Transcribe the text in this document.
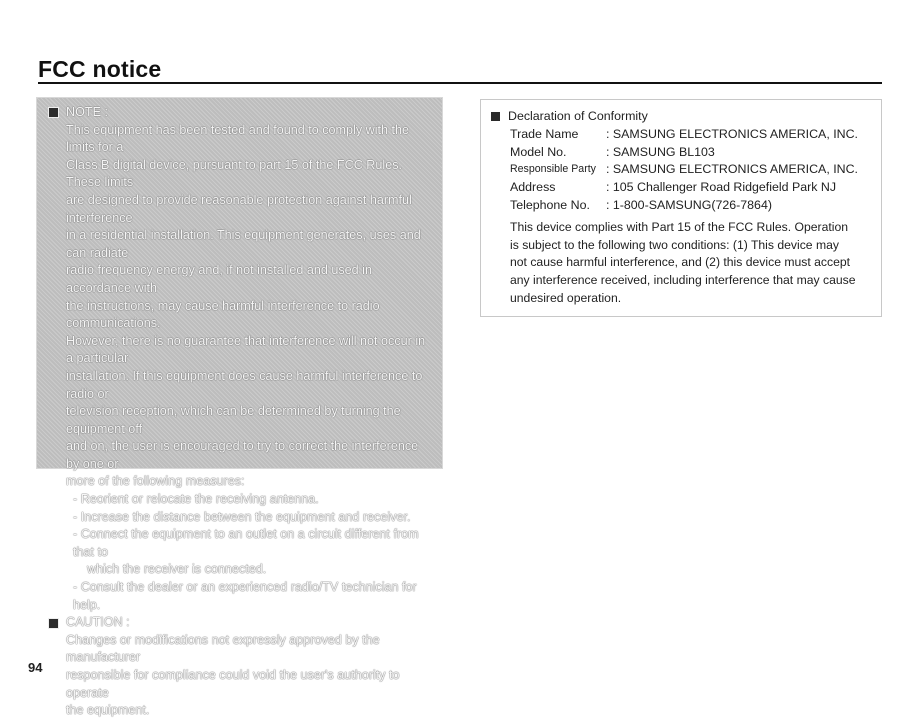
FCC notice
NOTE :
This equipment has been tested and found to comply with the limits for a
Class B digital device, pursuant to part 15 of the FCC Rules. These limits
are designed to provide reasonable protection against harmful interference
in a residential installation. This equipment generates, uses and can radiate
radio frequency energy and, if not installed and used in accordance with
the instructions, may cause harmful interference to radio communications.
However, there is no guarantee that interference will not occur in a particular
installation. If this equipment does cause harmful interference to radio or
television reception, which can be determined by turning the equipment off
and on, the user is encouraged to try to correct the interference by one or
more of the following measures:
- Reorient or relocate the receiving antenna.
- Increase the distance between the equipment and receiver.
- Connect the equipment to an outlet on a circuit different from that to
which the receiver is connected.
- Consult the dealer or an experienced radio/TV technician for help.
CAUTION :
Changes or modifications not expressly approved by the manufacturer
responsible for compliance could void the user's authority to operate
the equipment.
Declaration of Conformity
Trade Name	: SAMSUNG ELECTRONICS AMERICA, INC.
Model No.	: SAMSUNG BL103
Responsible Party : SAMSUNG ELECTRONICS AMERICA, INC.
Address	: 105 Challenger Road Ridgefield Park NJ
Telephone No.	: 1-800-SAMSUNG(726-7864)
This device complies with Part 15 of the FCC Rules. Operation
is subject to the following two conditions: (1) This device may
not cause harmful interference, and (2) this device must accept
any interference received, including interference that may cause
undesired operation.
94
